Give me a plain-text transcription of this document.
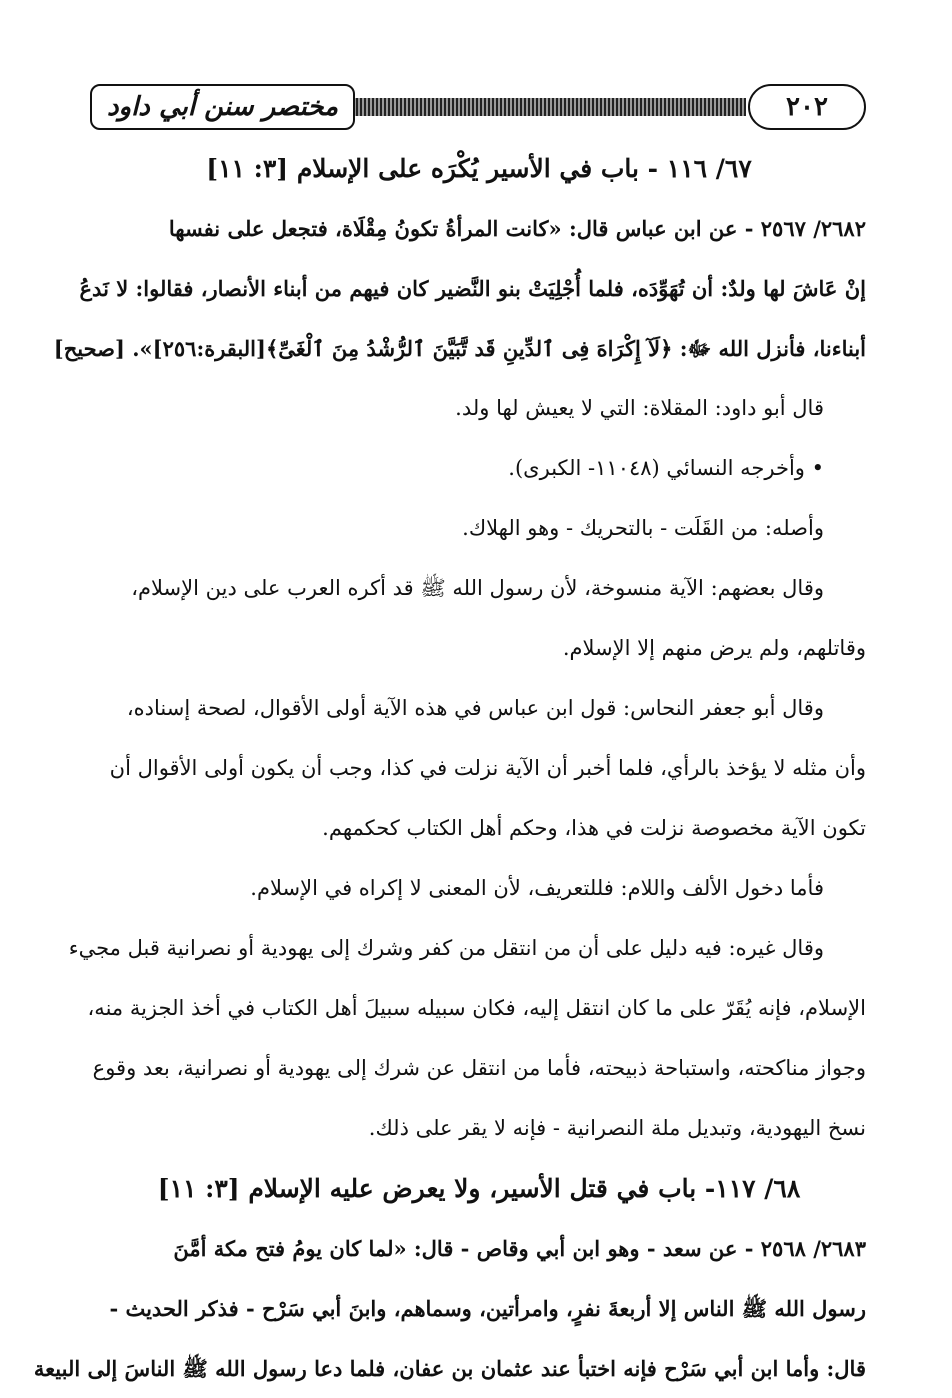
مختصر سنن أبي داود	٢٠٢
٦٧/ ١١٦ - باب في الأسير يُكْرَه على الإسلام [٣: ١١]
٢٦٨٢/ ٢٥٦٧ - عن ابن عباس قال: «كانت المرأةُ تكونُ مِقْلَاة، فتجعل على نفسها
إنْ عَاشَ لها ولدٌ: أن تُهَوِّدَه، فلما أُجْلِيَتْ بنو النَّضير كان فيهم من أبناء الأنصار، فقالوا: لا نَدعُ
أبناءنا، فأنزل الله ﷻ: ﴿لَآ إِكْرَاهَ فِى ٱلدِّينِ قَد تَّبَيَّنَ ٱلرُّشْدُ مِنَ ٱلْغَىِّ﴾[البقرة:٢٥٦]». [صحيح]
قال أبو داود: المقلاة: التي لا يعيش لها ولد.
• وأخرجه النسائي (١١٠٤٨- الكبرى).
وأصله: من القَلَت - بالتحريك - وهو الهلاك.
وقال بعضهم: الآية منسوخة، لأن رسول الله ﷺ قد أكره العرب على دين الإسلام،
وقاتلهم، ولم يرض منهم إلا الإسلام.
وقال أبو جعفر النحاس: قول ابن عباس في هذه الآية أولى الأقوال، لصحة إسناده،
وأن مثله لا يؤخذ بالرأي، فلما أخبر أن الآية نزلت في كذا، وجب أن يكون أولى الأقوال أن
تكون الآية مخصوصة نزلت في هذا، وحكم أهل الكتاب كحكمهم.
فأما دخول الألف واللام: فللتعريف، لأن المعنى لا إكراه في الإسلام.
وقال غيره: فيه دليل على أن من انتقل من كفر وشرك إلى يهودية أو نصرانية قبل مجيء
الإسلام، فإنه يُقَرّ على ما كان انتقل إليه، فكان سبيله سبيلَ أهل الكتاب في أخذ الجزية منه،
وجواز مناكحته، واستباحة ذبيحته، فأما من انتقل عن شرك إلى يهودية أو نصرانية، بعد وقوع
نسخ اليهودية، وتبديل ملة النصرانية - فإنه لا يقر على ذلك.
٦٨/ ١١٧- باب في قتل الأسير، ولا يعرض عليه الإسلام [٣: ١١]
٢٦٨٣/ ٢٥٦٨ - عن سعد - وهو ابن أبي وقاص - قال: «لما كان يومُ فتح مكة أمَّنَ
رسول الله ﷺ الناس إلا أربعةَ نفرٍ، وامرأتين، وسماهم، وابنَ أبي سَرْح - فذكر الحديث -
قال: وأما ابن أبي سَرْح فإنه اختبأ عند عثمان بن عفان، فلما دعا رسول الله ﷺ الناسَ إلى البيعة
